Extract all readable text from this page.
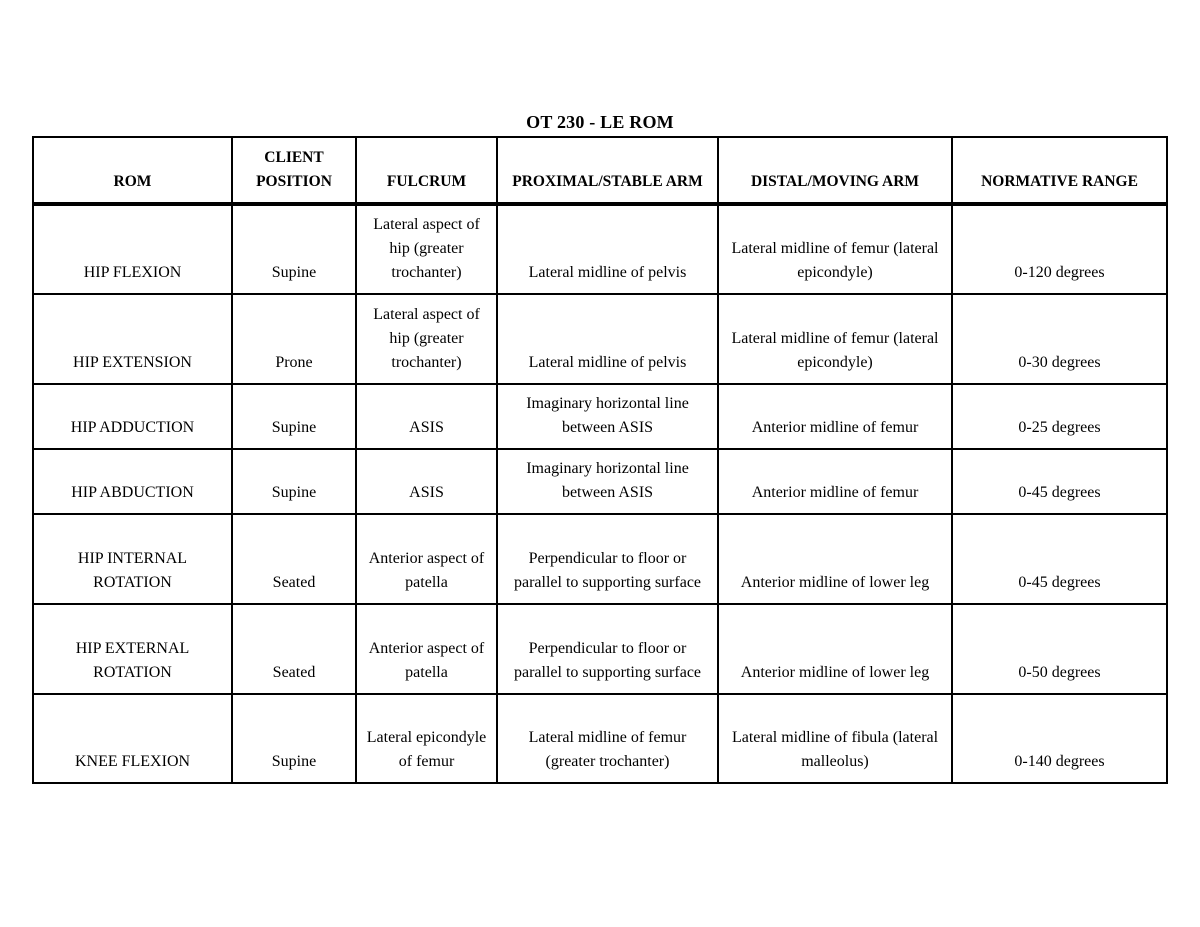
OT 230 - LE ROM
ROM	CLIENT POSITION	FULCRUM	PROXIMAL/STABLE ARM	DISTAL/MOVING ARM	NORMATIVE RANGE
HIP FLEXION	Supine	Lateral aspect of hip (greater trochanter)	Lateral midline of pelvis	Lateral midline of femur (lateral epicondyle)	0-120 degrees
HIP EXTENSION	Prone	Lateral aspect of hip (greater trochanter)	Lateral midline of pelvis	Lateral midline of femur (lateral epicondyle)	0-30 degrees
HIP ADDUCTION	Supine	ASIS	Imaginary horizontal line between ASIS	Anterior midline of femur	0-25 degrees
HIP ABDUCTION	Supine	ASIS	Imaginary horizontal line between ASIS	Anterior midline of femur	0-45 degrees
HIP INTERNAL ROTATION	Seated	Anterior aspect of patella	Perpendicular to floor or parallel to supporting surface	Anterior midline of lower leg	0-45 degrees
HIP EXTERNAL ROTATION	Seated	Anterior aspect of patella	Perpendicular to floor or parallel to supporting surface	Anterior midline of lower leg	0-50 degrees
KNEE FLEXION	Supine	Lateral epicondyle of femur	Lateral midline of femur (greater trochanter)	Lateral midline of fibula (lateral malleolus)	0-140 degrees
